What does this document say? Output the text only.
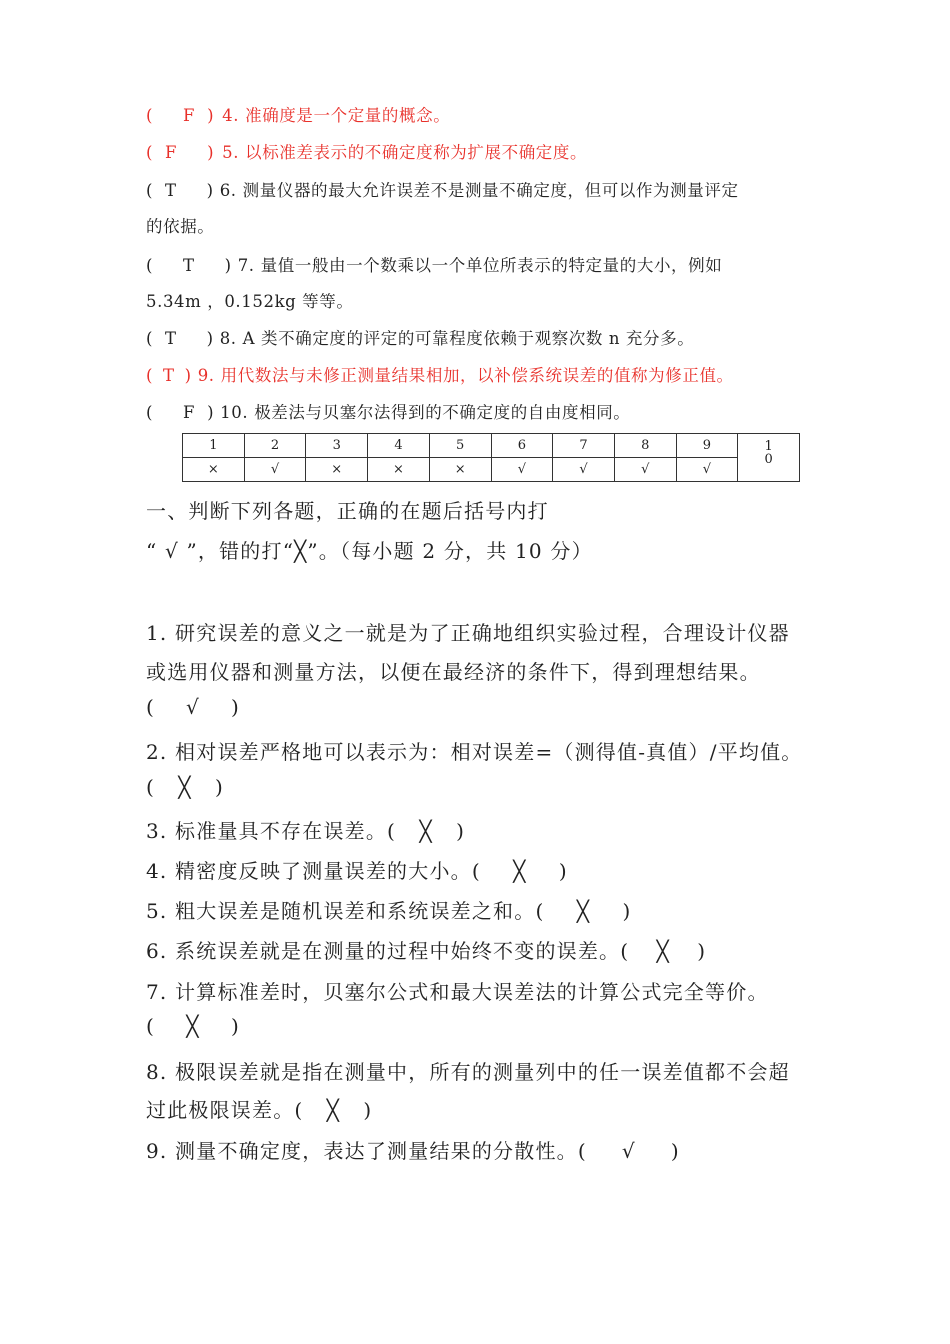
( F ) 4. 准确度是一个定量的概念。
( F ) 5. 以标准差表示的不确定度称为扩展不确定度。
( T ) 6. 测量仪器的最大允许误差不是测量不确定度，但可以作为测量评定
的依据。
( T ) 7. 量值一般由一个数乘以一个单位所表示的特定量的大小，例如
5.34m ，0.152kg 等等。
( T ) 8. A 类不确定度的评定的可靠程度依赖于观察次数 n 充分多。
( T ) 9. 用代数法与未修正测量结果相加，以补偿系统误差的值称为修正值。
( F ) 10. 极差法与贝塞尔法得到的不确定度的自由度相同。
1	2	3	4	5	6	7	8	9	1
0
×	√	×	×	×	√	√	√	√	
一、判断下列各题，正确的在题后括号内打
“ √ ”，错的打“╳”。（每小题 2 分，共 10 分）
1. 研究误差的意义之一就是为了正确地组织实验过程，合理设计仪器
或选用仪器和测量方法，以便在最经济的条件下，得到理想结果。
( √ )
2. 相对误差严格地可以表示为：相对误差=（测得值-真值）/平均值。
( ╳ )
3. 标准量具不存在误差。( ╳ )
4. 精密度反映了测量误差的大小。( ╳ )
5. 粗大误差是随机误差和系统误差之和。( ╳ )
6. 系统误差就是在测量的过程中始终不变的误差。( ╳ )
7. 计算标准差时，贝塞尔公式和最大误差法的计算公式完全等价。
( ╳ )
8. 极限误差就是指在测量中，所有的测量列中的任一误差值都不会超
过此极限误差。( ╳ )
9. 测量不确定度，表达了测量结果的分散性。( √ )
